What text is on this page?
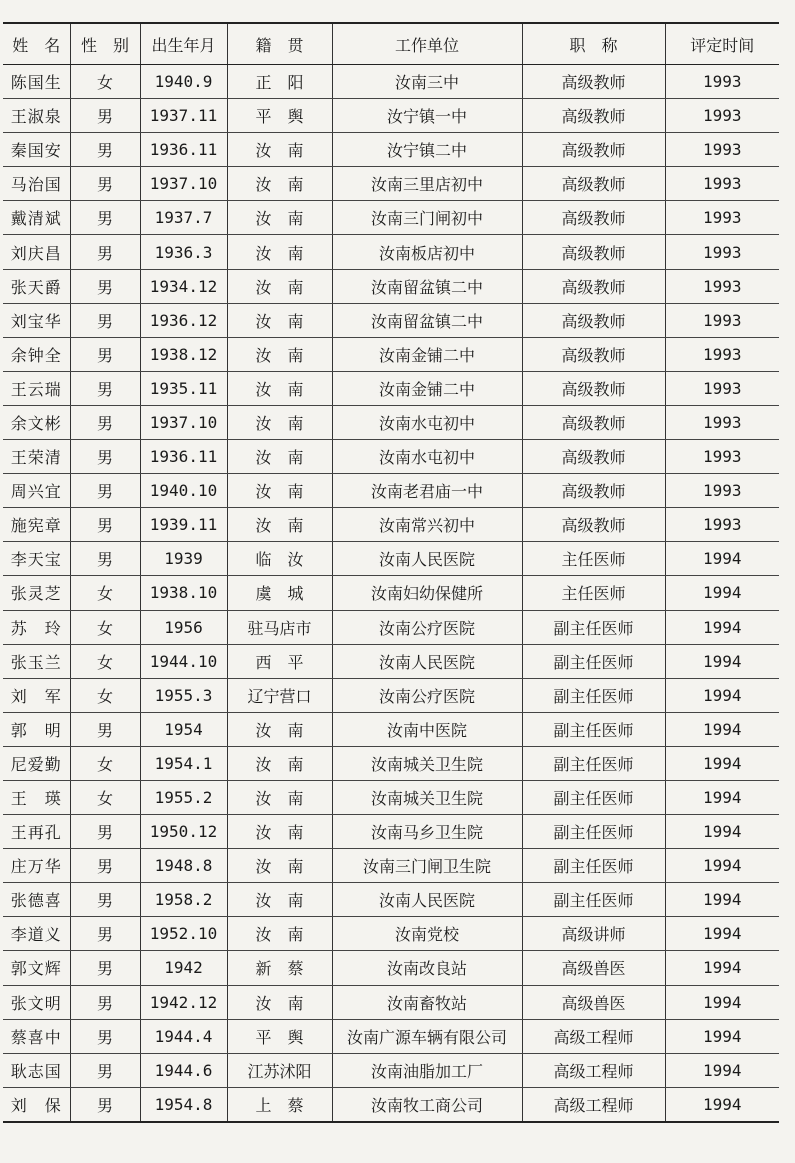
姓　名	性　别	出生年月	籍　贯	工作单位	职　称	评定时间
陈国生	女	1940.9	正　阳	汝南三中	高级教师	1993
王淑泉	男	1937.11	平　舆	汝宁镇一中	高级教师	1993
秦国安	男	1936.11	汝　南	汝宁镇二中	高级教师	1993
马治国	男	1937.10	汝　南	汝南三里店初中	高级教师	1993
戴清斌	男	1937.7	汝　南	汝南三门闸初中	高级教师	1993
刘庆昌	男	1936.3	汝　南	汝南板店初中	高级教师	1993
张天爵	男	1934.12	汝　南	汝南留盆镇二中	高级教师	1993
刘宝华	男	1936.12	汝　南	汝南留盆镇二中	高级教师	1993
余钟全	男	1938.12	汝　南	汝南金铺二中	高级教师	1993
王云瑞	男	1935.11	汝　南	汝南金铺二中	高级教师	1993
余文彬	男	1937.10	汝　南	汝南水屯初中	高级教师	1993
王荣清	男	1936.11	汝　南	汝南水屯初中	高级教师	1993
周兴宜	男	1940.10	汝　南	汝南老君庙一中	高级教师	1993
施宪章	男	1939.11	汝　南	汝南常兴初中	高级教师	1993
李天宝	男	1939	临　汝	汝南人民医院	主任医师	1994
张灵芝	女	1938.10	虞　城	汝南妇幼保健所	主任医师	1994
苏　玲	女	1956	驻马店市	汝南公疗医院	副主任医师	1994
张玉兰	女	1944.10	西　平	汝南人民医院	副主任医师	1994
刘　军	女	1955.3	辽宁营口	汝南公疗医院	副主任医师	1994
郭　明	男	1954	汝　南	汝南中医院	副主任医师	1994
尼爱勤	女	1954.1	汝　南	汝南城关卫生院	副主任医师	1994
王　瑛	女	1955.2	汝　南	汝南城关卫生院	副主任医师	1994
王再孔	男	1950.12	汝　南	汝南马乡卫生院	副主任医师	1994
庄万华	男	1948.8	汝　南	汝南三门闸卫生院	副主任医师	1994
张德喜	男	1958.2	汝　南	汝南人民医院	副主任医师	1994
李道义	男	1952.10	汝　南	汝南党校	高级讲师	1994
郭文辉	男	1942	新　蔡	汝南改良站	高级兽医	1994
张文明	男	1942.12	汝　南	汝南畜牧站	高级兽医	1994
蔡喜中	男	1944.4	平　舆	汝南广源车辆有限公司	高级工程师	1994
耿志国	男	1944.6	江苏沭阳	汝南油脂加工厂	高级工程师	1994
刘　保	男	1954.8	上　蔡	汝南牧工商公司	高级工程师	1994
